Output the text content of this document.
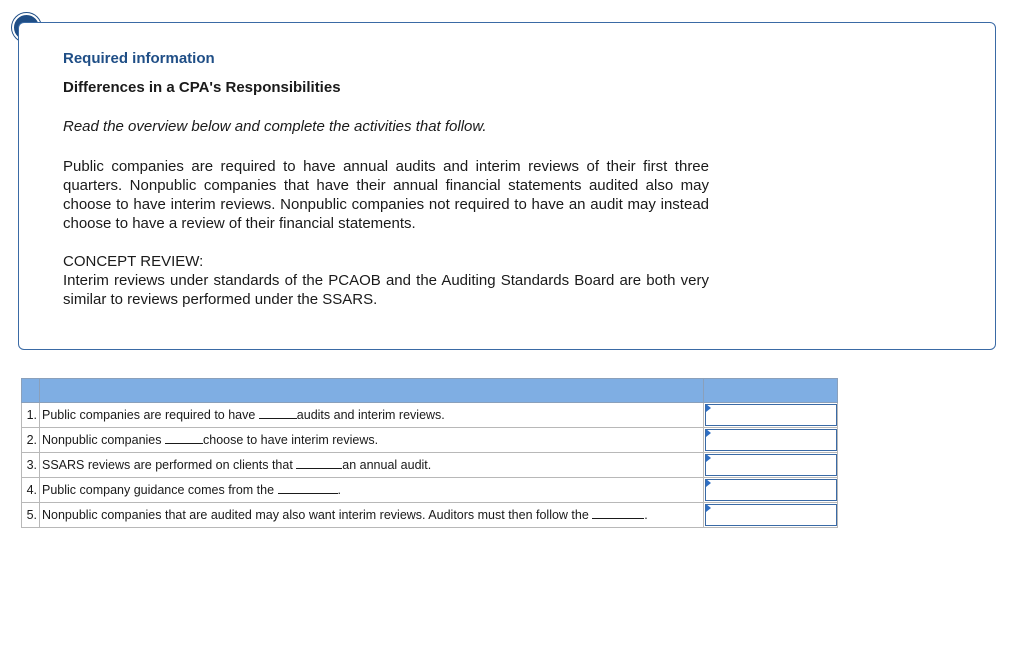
Required information

Differences in a CPA's Responsibilities

Read the overview below and complete the activities that follow.

Public companies are required to have annual audits and interim reviews of their first three quarters. Nonpublic companies that have their annual financial statements audited also may choose to have interim reviews. Nonpublic companies not required to have an audit may instead choose to have a review of their financial statements.

CONCEPT REVIEW:

Interim reviews under standards of the PCAOB and the Auditing Standards Board are both very similar to reviews performed under the SSARS.

1.	Public companies are required to have audits and interim reviews.	

2.	Nonpublic companies choose to have interim reviews.	

3.	SSARS reviews are performed on clients that an annual audit.	

4.	Public company guidance comes from the .	

5.	Nonpublic companies that are audited may also want interim reviews. Auditors must then follow the .	
